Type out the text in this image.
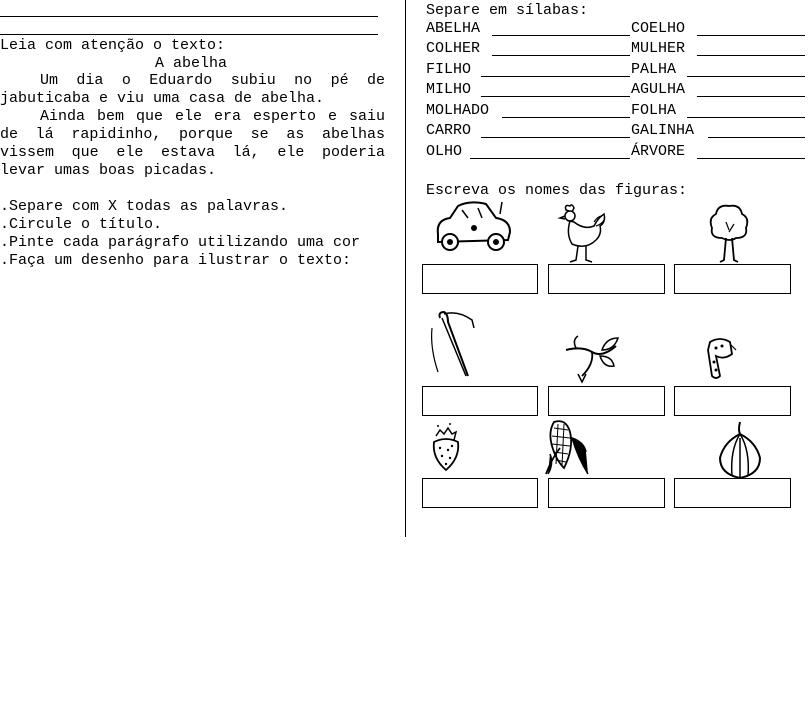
Leia com atenção o texto:
A abelha
Um dia o Eduardo subiu no pé de
jabuticaba e viu uma casa de abelha.
Ainda bem que ele era esperto e saiu
de lá rapidinho, porque se as abelhas
vissem que ele estava lá, ele poderia
levar umas boas picadas.
.Separe com X todas as palavras.
.Circule o título.
.Pinte cada parágrafo utilizando uma cor
.Faça um desenho para ilustrar o texto:
Separe em sílabas:
ABELHA	COELHO
COLHER	MULHER
FILHO	PALHA
MILHO	AGULHA
MOLHADO	FOLHA
CARRO	GALINHA
OLHO	ÁRVORE
Escreva os nomes das figuras:
